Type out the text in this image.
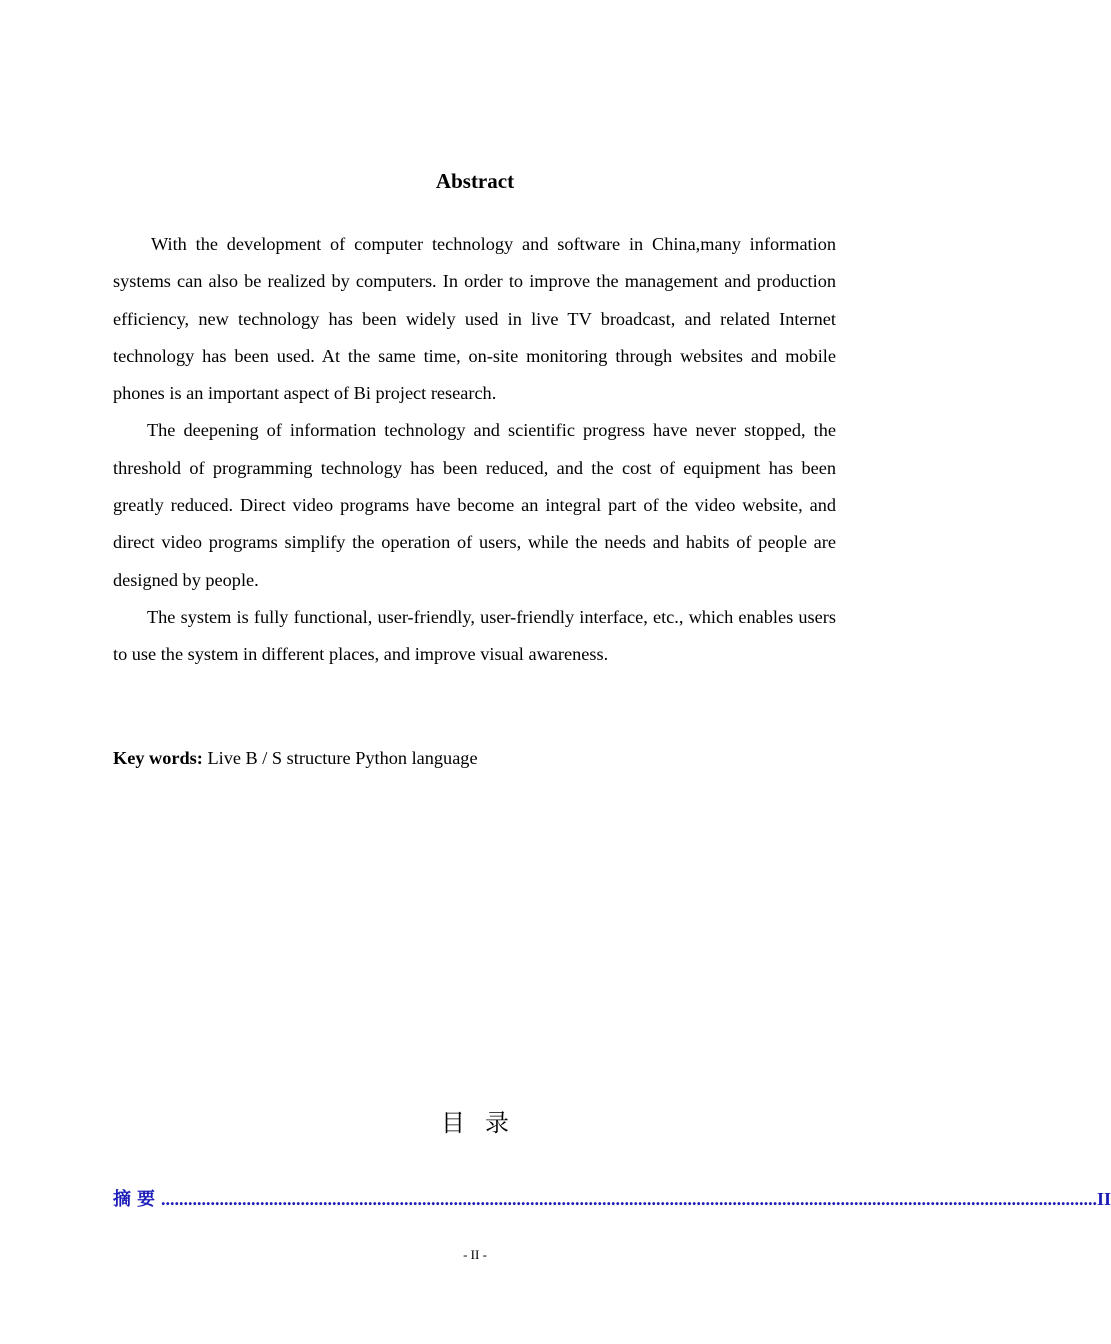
Abstract

With the development of computer technology and software in China,many information systems can also be realized by computers. In order to improve the management and production efficiency, new technology has been widely used in live TV broadcast, and related Internet technology has been used. At the same time, on-site monitoring through websites and mobile phones is an important aspect of Bi project research.

The deepening of information technology and scientific progress have never stopped, the threshold of programming technology has been reduced, and the cost of equipment has been greatly reduced. Direct video programs have become an integral part of the video website, and direct video programs simplify the operation of users, while the needs and habits of people are designed by people.

The system is fully functional, user-friendly, user-friendly interface, etc., which enables users to use the system in different places, and improve visual awareness.

Key words: Live B / S structure Python language
目录
摘要 ................................................................................................................................................................................................................ II
- II -
